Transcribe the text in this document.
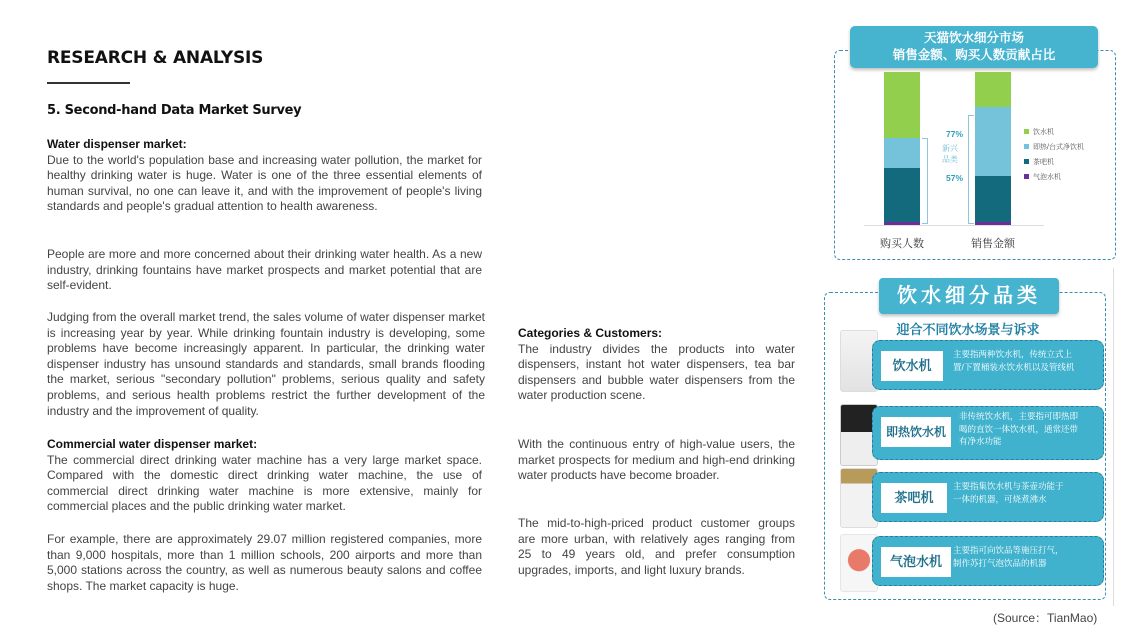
RESEARCH & ANALYSIS
5. Second-hand Data Market Survey

Water dispenser market:

Due to the world's population base and increasing water pollution, the market for healthy drinking water is huge. Water is one of the three essential elements of human survival, no one can leave it, and with the improvement of people's living standards and people's gradual attention to health awareness.

People are more and more concerned about their drinking water health. As a new industry, drinking fountains have market prospects and market potential that are self-evident.

Judging from the overall market trend, the sales volume of water dispenser market is increasing year by year. While drinking fountain industry is developing, some problems have become increasingly apparent. In particular, the drinking water dispenser industry has unsound standards and standards, small brands flooding the market, serious "secondary pollution" problems, serious quality and safety problems, and serious health problems restrict the further development of the industry and the improvement of quality.

Commercial water dispenser market:

The commercial direct drinking water machine has a very large market space. Compared with the domestic direct drinking water machine, the use of commercial direct drinking water machine is more extensive, mainly for commercial places and the public drinking water market.

For example, there are approximately 29.07 million registered companies, more than 9,000 hospitals, more than 1 million schools, 200 airports and more than 5,000 stations across the country, as well as numerous beauty salons and coffee shops. The market capacity is huge.

Categories & Customers:

The industry divides the products into water dispensers, instant hot water dispensers, tea bar dispensers and bubble water dispensers from the water production scene.

With the continuous entry of high-value users, the market prospects for medium and high-end drinking water products have become broader.

The mid-to-high-priced product customer groups are more urban, with relatively ages ranging from 25 to 49 years old, and prefer consumption upgrades, imports, and light luxury brands.

天猫饮水细分市场
销售金额、购买人数贡献占比
57%
77%
新兴
品类
购买人数	销售金额
饮水机
即热/台式净饮机
茶吧机
气泡水机
饮水细分品类
迎合不同饮水场景与诉求
饮水机
主要指两种饮水机，传统立式上
置/下置桶装水饮水机以及管线机
即热饮水机
非传统饮水机，主要指可即热即
喝的直饮一体饮水机，通常还带
有净水功能
茶吧机
主要指集饮水机与茶壶功能于
一体的机器，可烧煮沸水
气泡水机
主要指可向饮品等施压打气，
制作苏打气泡饮品的机器
(Source：TianMao)
